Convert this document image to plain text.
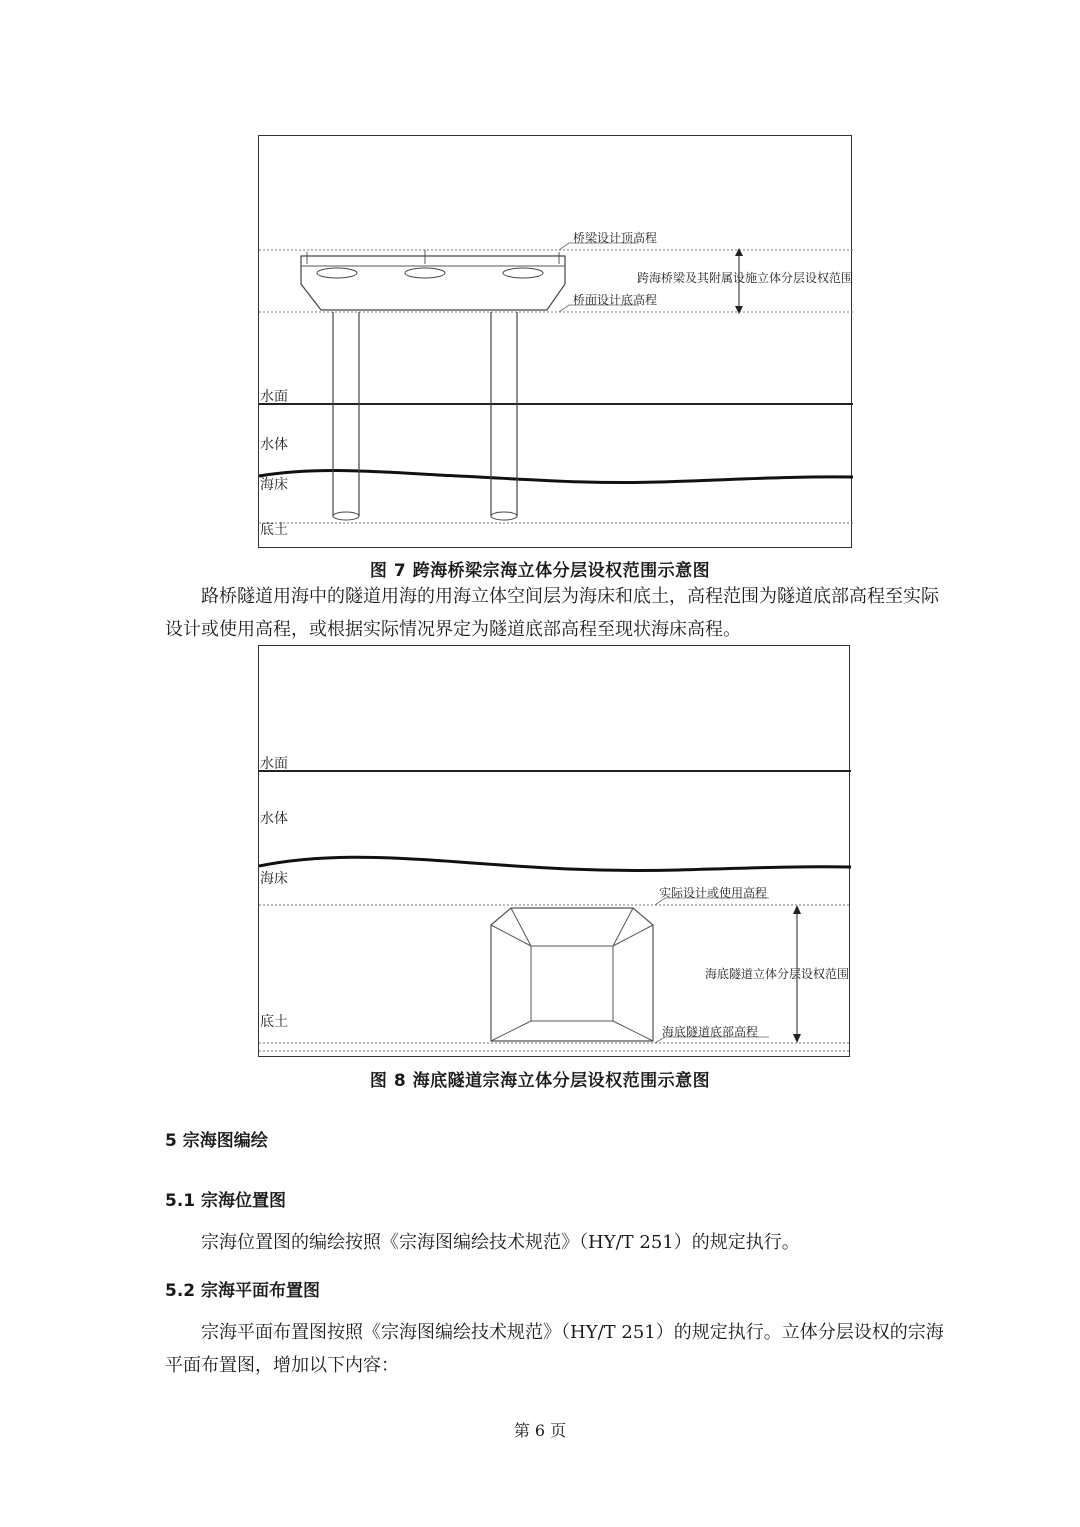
桥梁设计顶高程
桥面设计底高程
跨海桥梁及其附属设施立体分层设权范围
水面
水体
海床
底土
图 7 跨海桥梁宗海立体分层设权范围示意图

路桥隧道用海中的隧道用海的用海立体空间层为海床和底土，高程范围为隧道底部高程至实际设计或使用高程，或根据实际情况界定为隧道底部高程至现状海床高程。

实际设计或使用高程
海底隧道立体分层设权范围
海底隧道底部高程
水面
水体
海床
底土
图 8 海底隧道宗海立体分层设权范围示意图
5 宗海图编绘
5.1 宗海位置图

宗海位置图的编绘按照《宗海图编绘技术规范》（HY/T 251）的规定执行。

5.2 宗海平面布置图

宗海平面布置图按照《宗海图编绘技术规范》（HY/T 251）的规定执行。立体分层设权的宗海平面布置图，增加以下内容：

第 6 页
